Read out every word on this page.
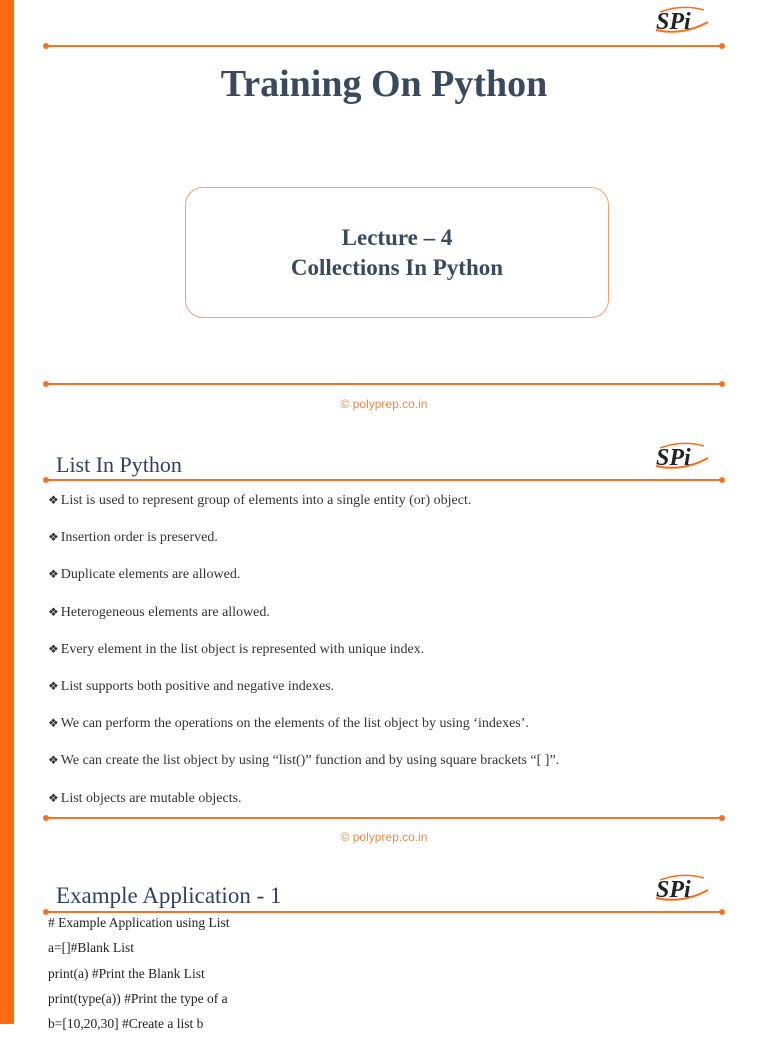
SPi
Training On Python
Lecture – 4
Collections In Python
© polyprep.co.in
List In Python	SPi
❖ List is used to represent group of elements into a single entity (or) object.
❖ Insertion order is preserved.
❖ Duplicate elements are allowed.
❖ Heterogeneous elements are allowed.
❖ Every element in the list object is represented with unique index.
❖ List supports both positive and negative indexes.
❖ We can perform the operations on the elements of the list object by using ‘indexes’.
❖ We can create the list object by using “list()” function and by using square brackets “[ ]”.
❖ List objects are mutable objects.
© polyprep.co.in
Example Application - 1	SPi
# Example Application using List
a=[]#Blank List
print(a) #Print the Blank List
print(type(a)) #Print the type of a
b=[10,20,30] #Create a list b
